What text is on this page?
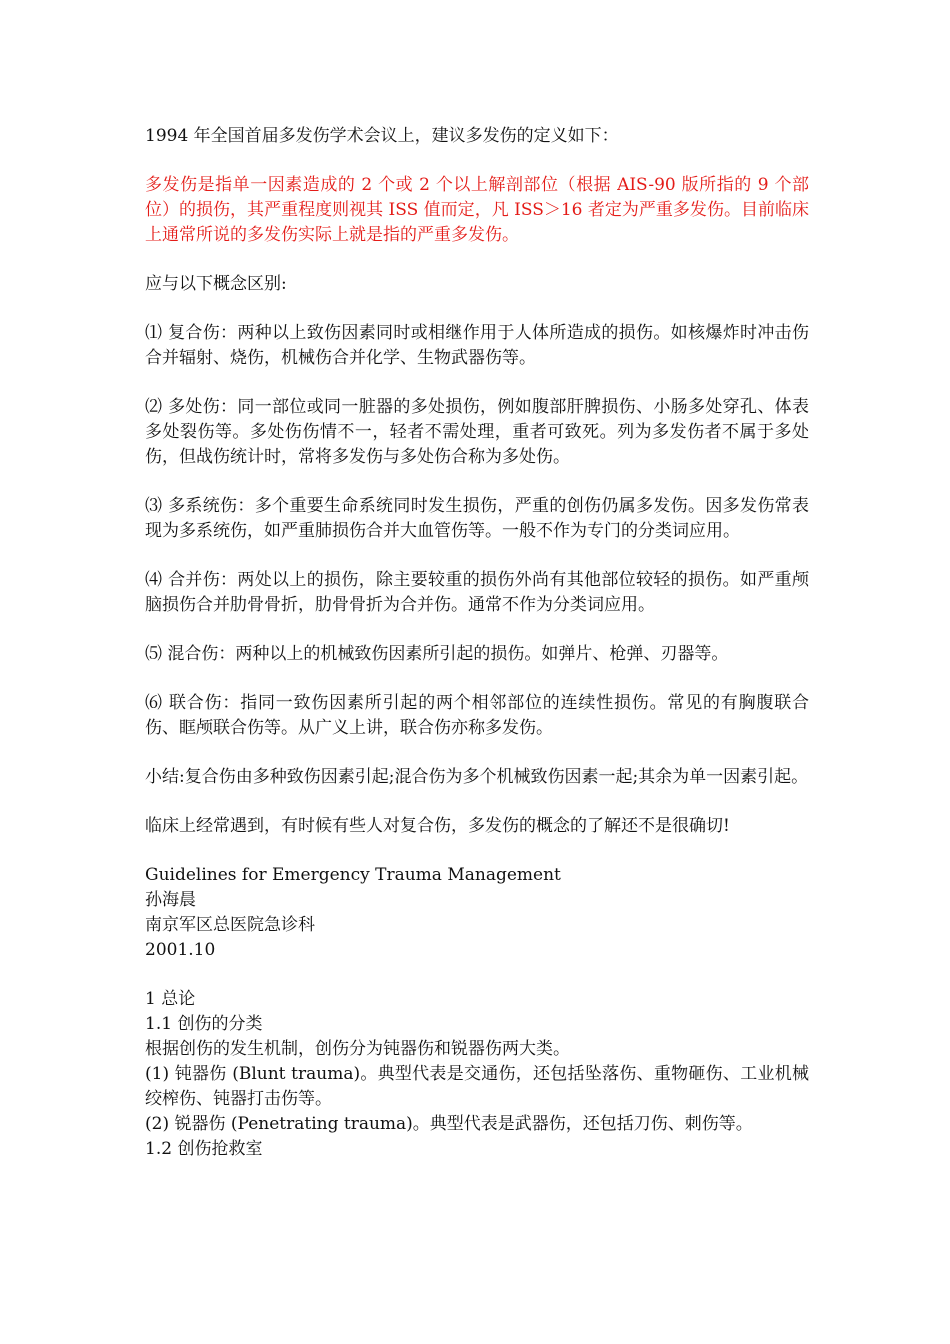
1994 年全国首届多发伤学术会议上，建议多发伤的定义如下：

多发伤是指单一因素造成的 2 个或 2 个以上解剖部位（根据 AIS-90 版所指的 9 个部位）的损伤，其严重程度则视其 ISS 值而定，凡 ISS＞16 者定为严重多发伤。目前临床上通常所说的多发伤实际上就是指的严重多发伤。

应与以下概念区别:

⑴ 复合伤：两种以上致伤因素同时或相继作用于人体所造成的损伤。如核爆炸时冲击伤合并辐射、烧伤，机械伤合并化学、生物武器伤等。

⑵ 多处伤：同一部位或同一脏器的多处损伤，例如腹部肝脾损伤、小肠多处穿孔、体表多处裂伤等。多处伤伤情不一，轻者不需处理，重者可致死。列为多发伤者不属于多处伤，但战伤统计时，常将多发伤与多处伤合称为多处伤。

⑶ 多系统伤：多个重要生命系统同时发生损伤，严重的创伤仍属多发伤。因多发伤常表现为多系统伤，如严重肺损伤合并大血管伤等。一般不作为专门的分类词应用。

⑷ 合并伤：两处以上的损伤，除主要较重的损伤外尚有其他部位较轻的损伤。如严重颅脑损伤合并肋骨骨折，肋骨骨折为合并伤。通常不作为分类词应用。

⑸ 混合伤：两种以上的机械致伤因素所引起的损伤。如弹片、枪弹、刃器等。

⑹ 联合伤：指同一致伤因素所引起的两个相邻部位的连续性损伤。常见的有胸腹联合伤、眶颅联合伤等。从广义上讲，联合伤亦称多发伤。

小结:复合伤由多种致伤因素引起;混合伤为多个机械致伤因素一起;其余为单一因素引起。

临床上经常遇到，有时候有些人对复合伤，多发伤的概念的了解还不是很确切!

Guidelines for Emergency Trauma Management
孙海晨
南京军区总医院急诊科
2001.10

1 总论

1.1 创伤的分类

根据创伤的发生机制，创伤分为钝器伤和锐器伤两大类。

(1) 钝器伤 (Blunt trauma)。典型代表是交通伤，还包括坠落伤、重物砸伤、工业机械绞榨伤、钝器打击伤等。

(2) 锐器伤 (Penetrating trauma)。典型代表是武器伤，还包括刀伤、刺伤等。

1.2 创伤抢救室
